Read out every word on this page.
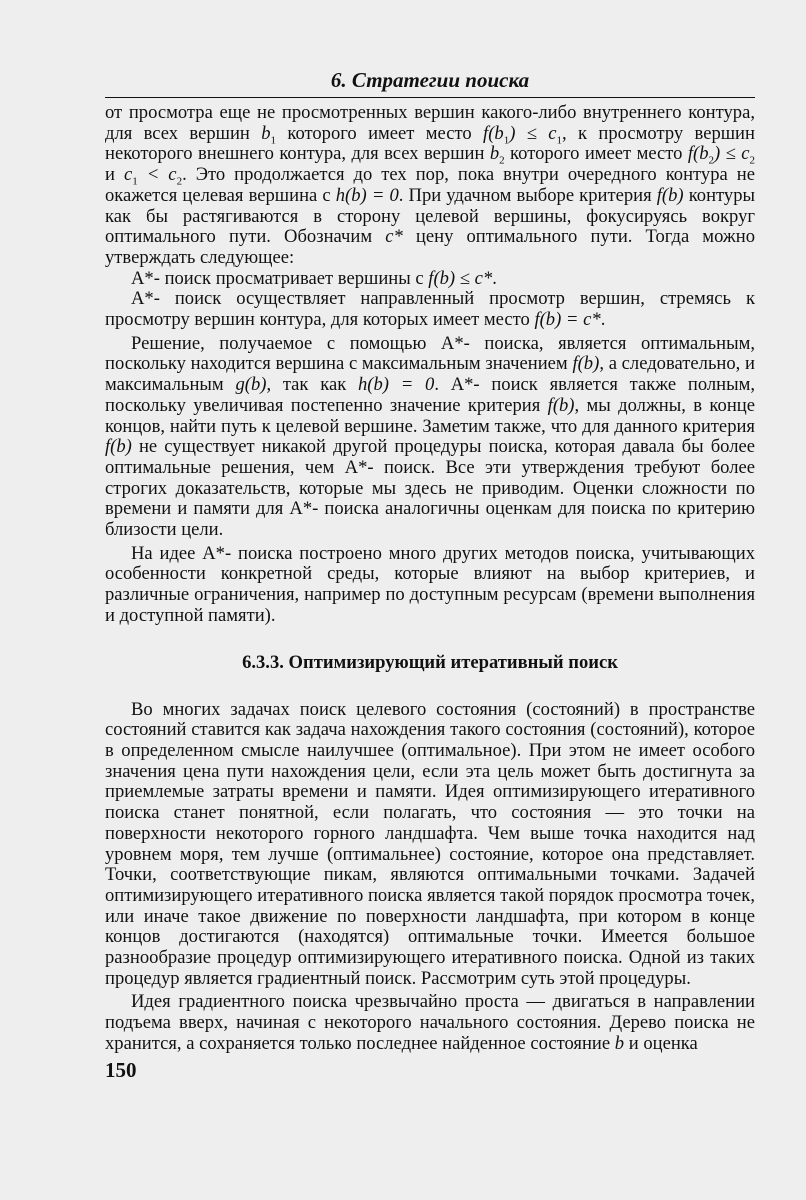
6. Стратегии поиска

от просмотра еще не просмотренных вершин какого-либо внутреннего контура, для всех вершин $b_1$ которого имеет место $f(b_1) \le c_1$, к просмотру вершин некоторого внешнего контура, для всех вершин $b_2$ которого имеет место $f(b_2) \le c_2$ и $c_1 < c_2$. Это продолжается до тех пор, пока внутри очередного контура не окажется целевая вершина с h(b) = 0. При удачном выборе критерия f(b) контуры как бы растягиваются в сторону целевой вершины, фокусируясь вокруг оптимального пути. Обозначим c* цену оптимального пути. Тогда можно утверждать следующее:

A*- поиск просматривает вершины с f(b) ≤ c*.

A*- поиск осуществляет направленный просмотр вершин, стремясь к просмотру вершин контура, для которых имеет место f(b) = c*.

Решение, получаемое с помощью А*- поиска, является оптимальным, поскольку находится вершина с максимальным значением f(b), а следовательно, и максимальным g(b), так как h(b) = 0. А*- поиск является также полным, поскольку увеличивая постепенно значение критерия f(b), мы должны, в конце концов, найти путь к целевой вершине. Заметим также, что для данного критерия f(b) не существует никакой другой процедуры поиска, которая давала бы более оптимальные решения, чем А*- поиск. Все эти утверждения требуют более строгих доказательств, которые мы здесь не приводим. Оценки сложности по времени и памяти для А*- поиска аналогичны оценкам для поиска по критерию близости цели.

На идее А*- поиска построено много других методов поиска, учитывающих особенности конкретной среды, которые влияют на выбор критериев, и различные ограничения, например по доступным ресурсам (времени выполнения и доступной памяти).

6.3.3. Оптимизирующий итеративный поиск

Во многих задачах поиск целевого состояния (состояний) в пространстве состояний ставится как задача нахождения такого состояния (состояний), которое в определенном смысле наилучшее (оптимальное). При этом не имеет особого значения цена пути нахождения цели, если эта цель может быть достигнута за приемлемые затраты времени и памяти. Идея оптимизирующего итеративного поиска станет понятной, если полагать, что состояния — это точки на поверхности некоторого горного ландшафта. Чем выше точка находится над уровнем моря, тем лучше (оптимальнее) состояние, которое она представляет. Точки, соответствующие пикам, являются оптимальными точками. Задачей оптимизирующего итеративного поиска является такой порядок просмотра точек, или иначе такое движение по поверхности ландшафта, при котором в конце концов достигаются (находятся) оптимальные точки. Имеется большое разнообразие процедур оптимизирующего итеративного поиска. Одной из таких процедур является градиентный поиск. Рассмотрим суть этой процедуры.

Идея градиентного поиска чрезвычайно проста — двигаться в направлении подъема вверх, начиная с некоторого начального состояния. Дерево поиска не хранится, а сохраняется только последнее найденное состояние b и оценка

150
